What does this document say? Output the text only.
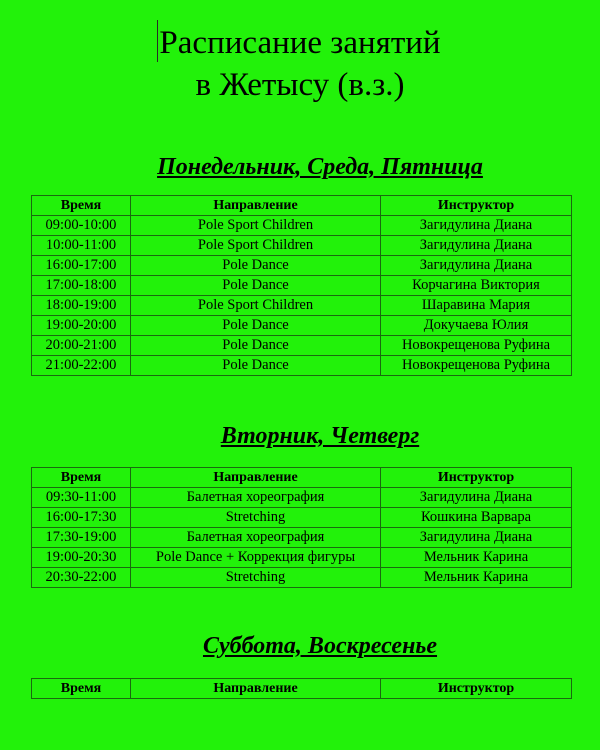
Расписание занятий
в Жетысу (в.з.)
Понедельник, Среда, Пятница
Время	Направление	Инструктор
09:00-10:00	Pole Sport Children	Загидулина Диана
10:00-11:00	Pole Sport Children	Загидулина Диана
16:00-17:00	Pole Dance	Загидулина Диана
17:00-18:00	Pole Dance	Корчагина Виктория
18:00-19:00	Pole Sport Children	Шаравина Мария
19:00-20:00	Pole Dance	Докучаева Юлия
20:00-21:00	Pole Dance	Новокрещенова Руфина
21:00-22:00	Pole Dance	Новокрещенова Руфина
Вторник, Четверг
Время	Направление	Инструктор
09:30-11:00	Балетная хореография	Загидулина Диана
16:00-17:30	Stretching	Кошкина Варвара
17:30-19:00	Балетная хореография	Загидулина Диана
19:00-20:30	Pole Dance + Коррекция фигуры	Мельник Карина
20:30-22:00	Stretching	Мельник Карина
Суббота, Воскресенье
Время	Направление	Инструктор
